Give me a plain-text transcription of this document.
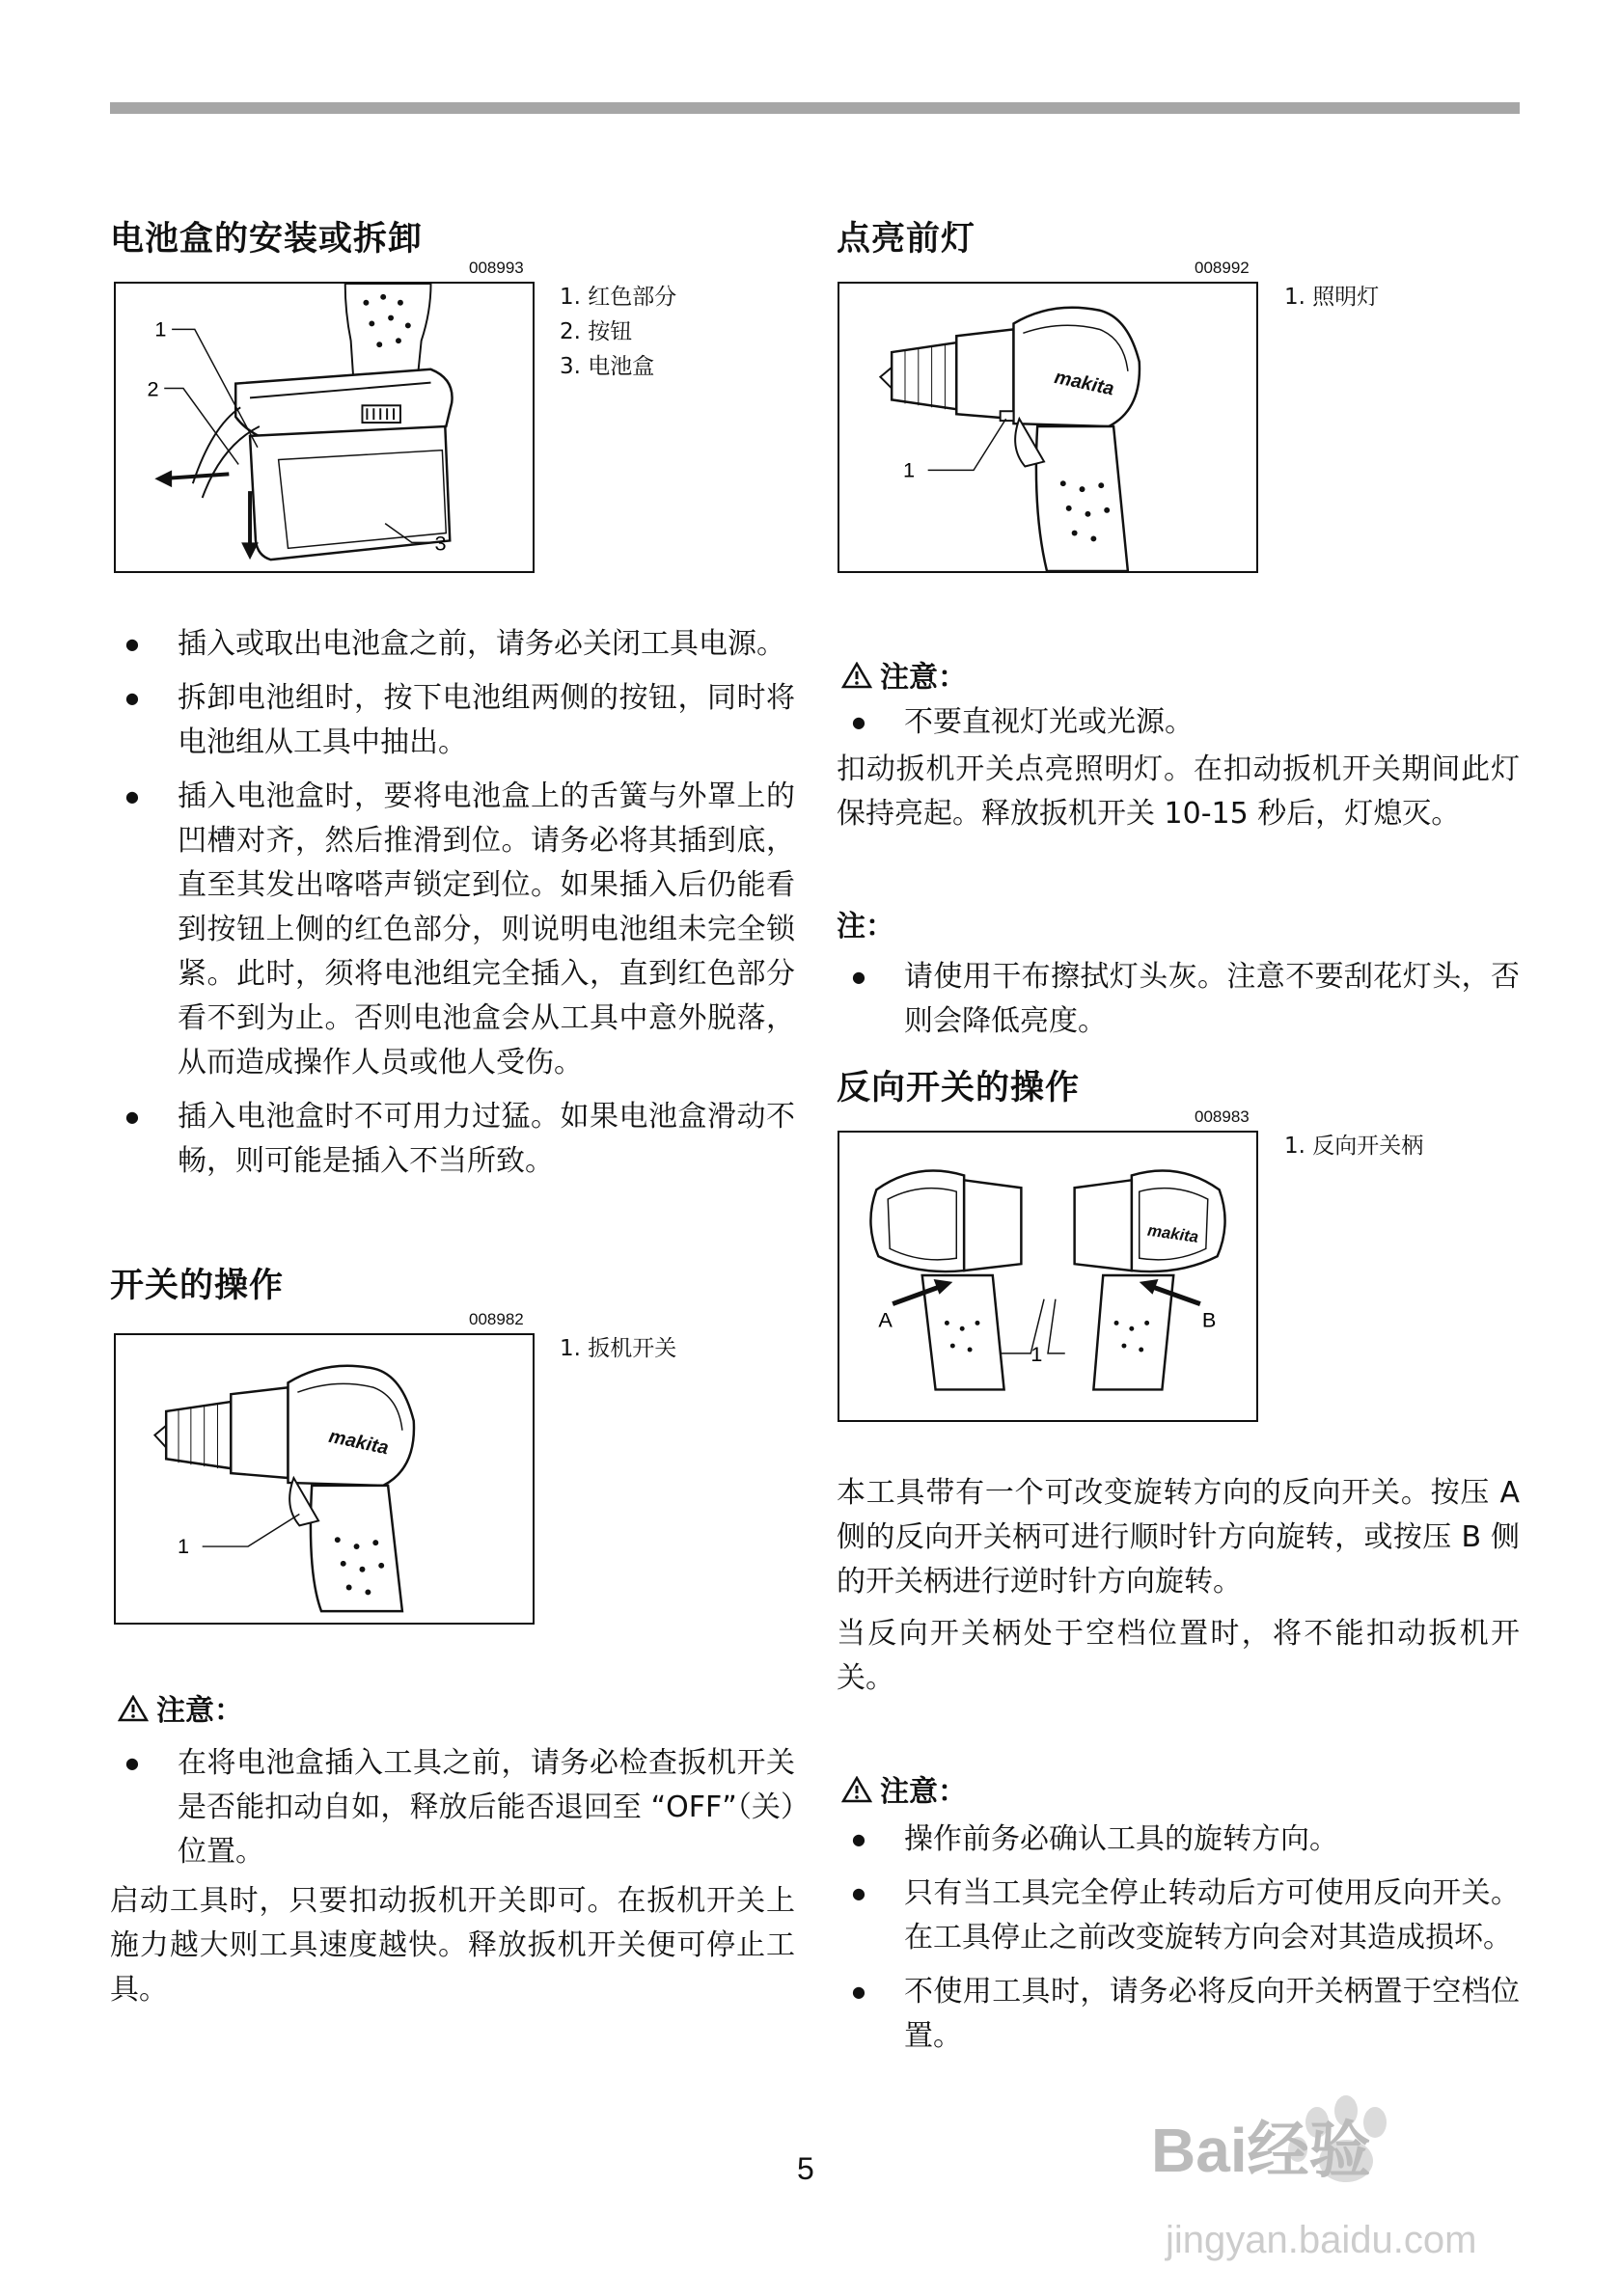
电池盒的安装或拆卸
008993
1
2
3
1. 红色部分
2. 按钮
3. 电池盒
● 插入或取出电池盒之前，请务必关闭工具电源。
● 拆卸电池组时，按下电池组两侧的按钮，同时将电池组从工具中抽出。
● 插入电池盒时，要将电池盒上的舌簧与外罩上的凹槽对齐，然后推滑到位。请务必将其插到底，直至其发出喀嗒声锁定到位。如果插入后仍能看到按钮上侧的红色部分，则说明电池组未完全锁紧。此时，须将电池组完全插入，直到红色部分看不到为止。否则电池盒会从工具中意外脱落，从而造成操作人员或他人受伤。
● 插入电池盒时不可用力过猛。如果电池盒滑动不畅，则可能是插入不当所致。
开关的操作
008982
makita
1
1. 扳机开关
注意：
● 在将电池盒插入工具之前，请务必检查扳机开关是否能扣动自如，释放后能否退回至 “OFF”（关）位置。

启动工具时，只要扣动扳机开关即可。在扳机开关上施力越大则工具速度越快。释放扳机开关便可停止工具。

点亮前灯
008992
makita
1
1. 照明灯
注意：
● 不要直视灯光或光源。

扣动扳机开关点亮照明灯。在扣动扳机开关期间此灯保持亮起。释放扳机开关 10-15 秒后，灯熄灭。

注：
● 请使用干布擦拭灯头灰。注意不要刮花灯头，否则会降低亮度。
反向开关的操作
008983
makita
A
1
B
1. 反向开关柄

本工具带有一个可改变旋转方向的反向开关。按压 A 侧的反向开关柄可进行顺时针方向旋转，或按压 B 侧的开关柄进行逆时针方向旋转。

当反向开关柄处于空档位置时，将不能扣动扳机开关。

注意：
● 操作前务必确认工具的旋转方向。
● 只有当工具完全停止转动后方可使用反向开关。在工具停止之前改变旋转方向会对其造成损坏。
● 不使用工具时，请务必将反向开关柄置于空档位置。
5	Bai经验
jingyan.baidu.com
